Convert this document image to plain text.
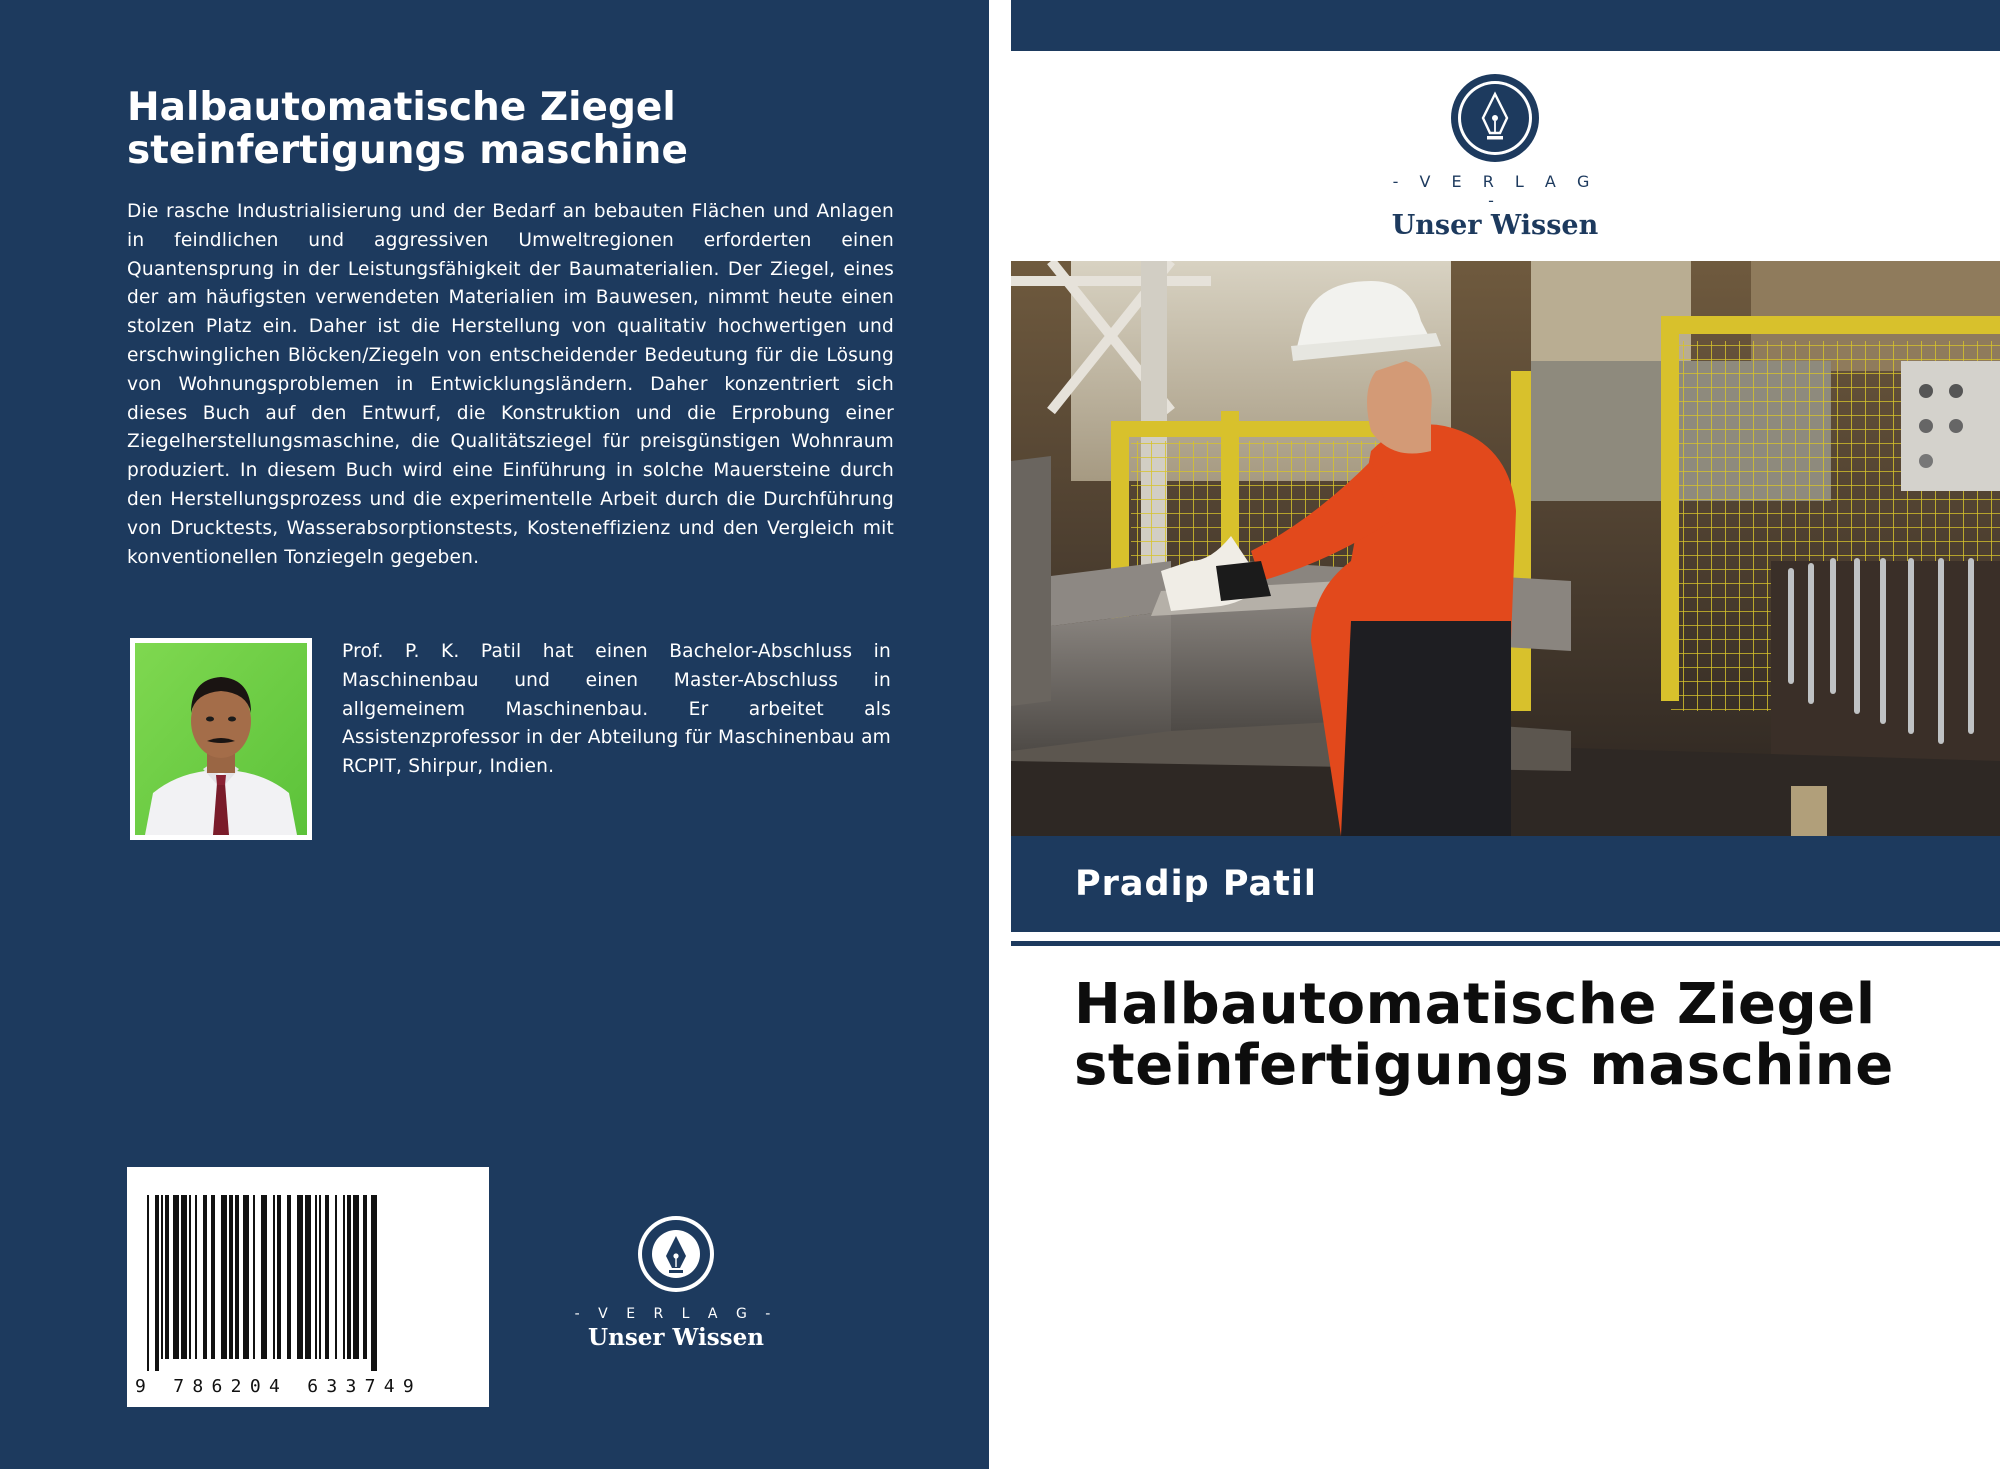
Halbautomatische Ziegel
steinfertigungs maschine
Die rasche Industrialisierung und der Bedarf an bebauten Flächen und Anlagen in feindlichen und aggressiven Umweltregionen erforderten einen Quantensprung in der Leistungsfähigkeit der Baumaterialien. Der Ziegel, eines der am häufigsten verwendeten Materialien im Bauwesen, nimmt heute einen stolzen Platz ein. Daher ist die Herstellung von qualitativ hochwertigen und erschwinglichen Blöcken/Ziegeln von entscheidender Bedeutung für die Lösung von Wohnungsproblemen in Entwicklungsländern. Daher konzentriert sich dieses Buch auf den Entwurf, die Konstruktion und die Erprobung einer Ziegelherstellungsmaschine, die Qualitätsziegel für preisgünstigen Wohnraum produziert. In diesem Buch wird eine Einführung in solche Mauersteine durch den Herstellungsprozess und die experimentelle Arbeit durch die Durchführung von Drucktests, Wasserabsorptionstests, Kosteneffizienz und den Vergleich mit konventionellen Tonziegeln gegeben.
Prof. P. K. Patil hat einen Bachelor-Abschluss in Maschinenbau und einen Master-Abschluss in allgemeinem Maschinenbau. Er arbeitet als Assistenzprofessor in der Abteilung für Maschinenbau am RCPIT, Shirpur, Indien.
9 786204 633749
- V E R L A G -
Unser Wissen
- V E R L A G -
Unser Wissen
Pradip Patil
Halbautomatische Ziegel
steinfertigungs maschine
